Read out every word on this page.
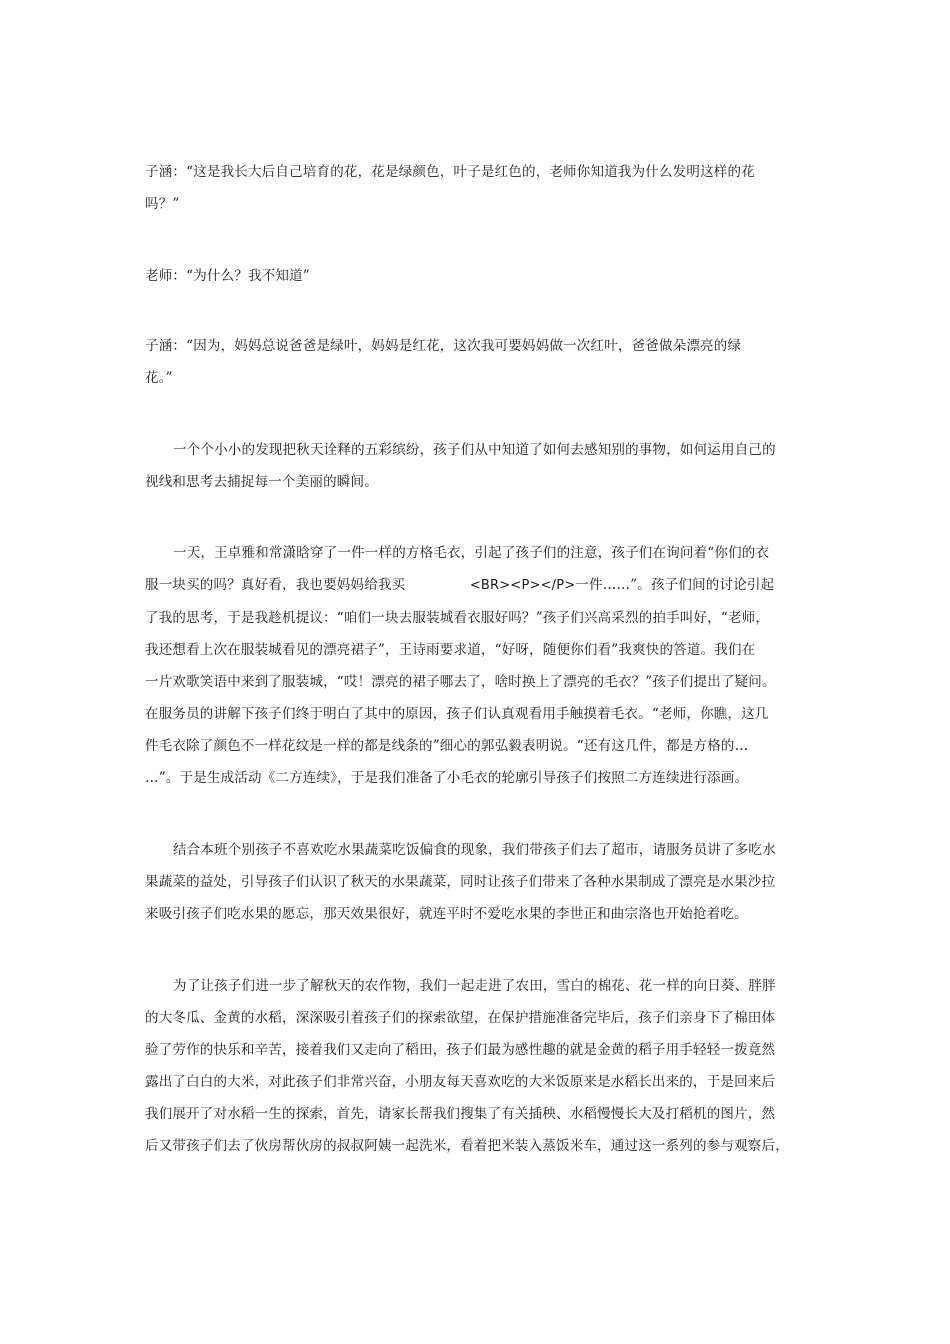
子涵：“这是我长大后自己培育的花，花是绿颜色，叶子是红色的，老师你知道我为什么发明这样的花
吗？”
老师：“为什么？我不知道”
子涵：“因为，妈妈总说爸爸是绿叶，妈妈是红花，这次我可要妈妈做一次红叶，爸爸做朵漂亮的绿
花。”
一个个小小的发现把秋天诠释的五彩缤纷，孩子们从中知道了如何去感知别的事物，如何运用自己的
视线和思考去捕捉每一个美丽的瞬间。
一天，王卓雅和常潇晗穿了一件一样的方格毛衣，引起了孩子们的注意，孩子们在询问着“你们的衣
服一块买的吗？真好看，我也要妈妈给我买	<BR><P></P>一件……”。孩子们间的讨论引起
了我的思考，于是我趁机提议：“咱们一块去服装城看衣服好吗？”孩子们兴高采烈的拍手叫好，“老师，
我还想看上次在服装城看见的漂亮裙子”，王诗雨要求道，“好呀，随便你们看”我爽快的答道。我们在
一片欢歌笑语中来到了服装城，“哎！漂亮的裙子哪去了，啥时换上了漂亮的毛衣？”孩子们提出了疑问。
在服务员的讲解下孩子们终于明白了其中的原因，孩子们认真观看用手触摸着毛衣。“老师，你瞧，这几
件毛衣除了颜色不一样花纹是一样的都是线条的”细心的郭弘毅表明说。“还有这几件，都是方格的…
…”。于是生成活动《二方连续》，于是我们准备了小毛衣的轮廓引导孩子们按照二方连续进行添画。
结合本班个别孩子不喜欢吃水果蔬菜吃饭偏食的现象，我们带孩子们去了超市，请服务员讲了多吃水
果蔬菜的益处，引导孩子们认识了秋天的水果蔬菜，同时让孩子们带来了各种水果制成了漂亮是水果沙拉
来吸引孩子们吃水果的愿忘，那天效果很好，就连平时不爱吃水果的李世正和曲宗洛也开始抢着吃。
为了让孩子们进一步了解秋天的农作物，我们一起走进了农田，雪白的棉花、花一样的向日葵、胖胖
的大冬瓜、金黄的水稻，深深吸引着孩子们的探索欲望，在保护措施准备完毕后，孩子们亲身下了棉田体
验了劳作的快乐和辛苦，接着我们又走向了稻田，孩子们最为感性趣的就是金黄的稻子用手轻轻一拨竟然
露出了白白的大米，对此孩子们非常兴奋，小朋友每天喜欢吃的大米饭原来是水稻长出来的，于是回来后
我们展开了对水稻一生的探索，首先，请家长帮我们搜集了有关插秧、水稻慢慢长大及打稻机的图片，然
后又带孩子们去了伙房帮伙房的叔叔阿姨一起洗米，看着把米装入蒸饭米车，通过这一系列的参与观察后，
